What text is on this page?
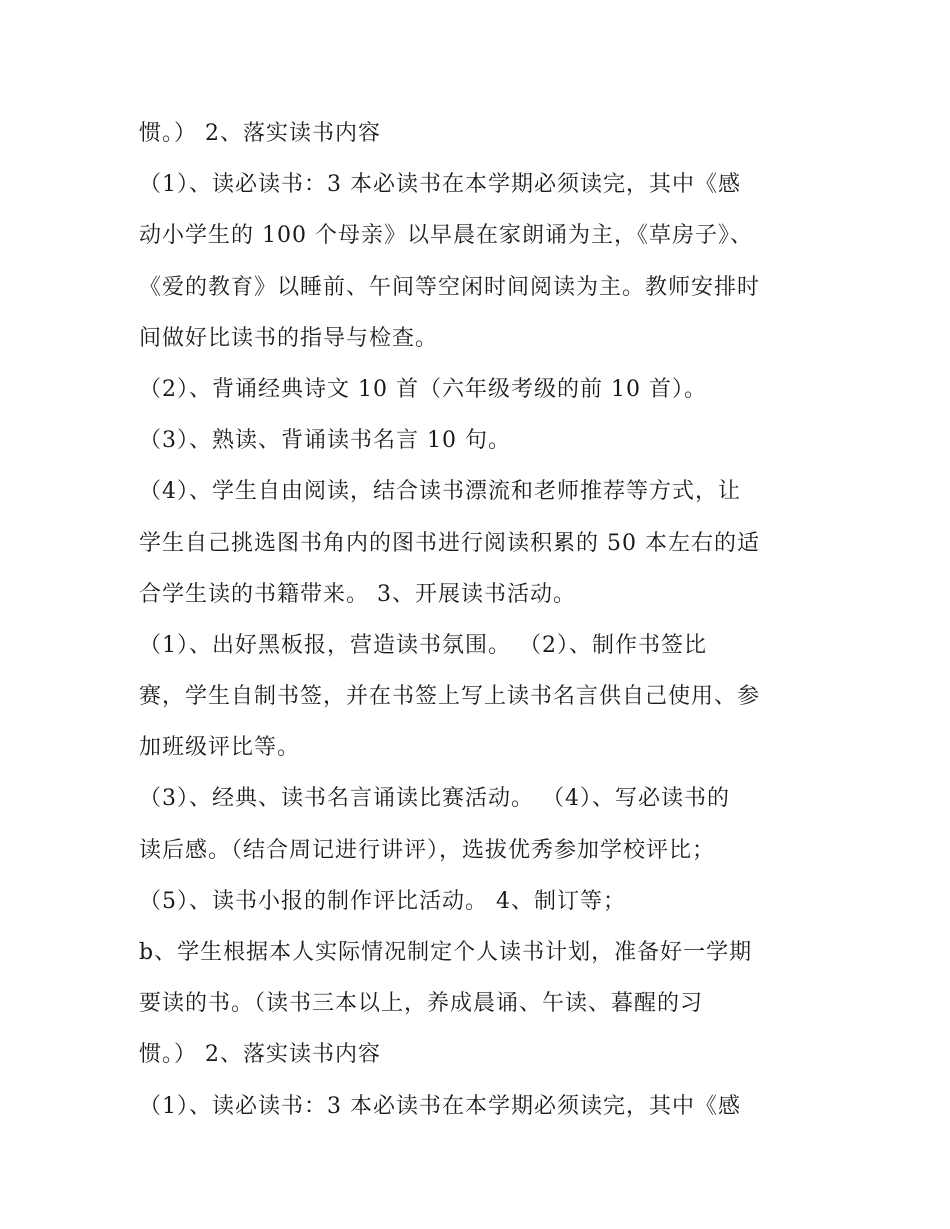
惯。） 2、落实读书内容
（1）、读必读书：3 本必读书在本学期必须读完，其中《感
动小学生的 100 个母亲》以早晨在家朗诵为主，《草房子》、
《爱的教育》以睡前、午间等空闲时间阅读为主。教师安排时
间做好比读书的指导与检查。
（2）、背诵经典诗文 10 首（六年级考级的前 10 首）。
（3）、熟读、背诵读书名言 10 句。
（4）、学生自由阅读，结合读书漂流和老师推荐等方式，让
学生自己挑选图书角内的图书进行阅读积累的 50 本左右的适
合学生读的书籍带来。 3、开展读书活动。
（1）、出好黑板报，营造读书氛围。 （2）、制作书签比
赛，学生自制书签，并在书签上写上读书名言供自己使用、参
加班级评比等。
（3）、经典、读书名言诵读比赛活动。 （4）、写必读书的
读后感。（结合周记进行讲评），选拔优秀参加学校评比；
（5）、读书小报的制作评比活动。 4、制订等；
b、学生根据本人实际情况制定个人读书计划，准备好一学期
要读的书。（读书三本以上，养成晨诵、午读、暮醒的习
惯。） 2、落实读书内容
（1）、读必读书：3 本必读书在本学期必须读完，其中《感
